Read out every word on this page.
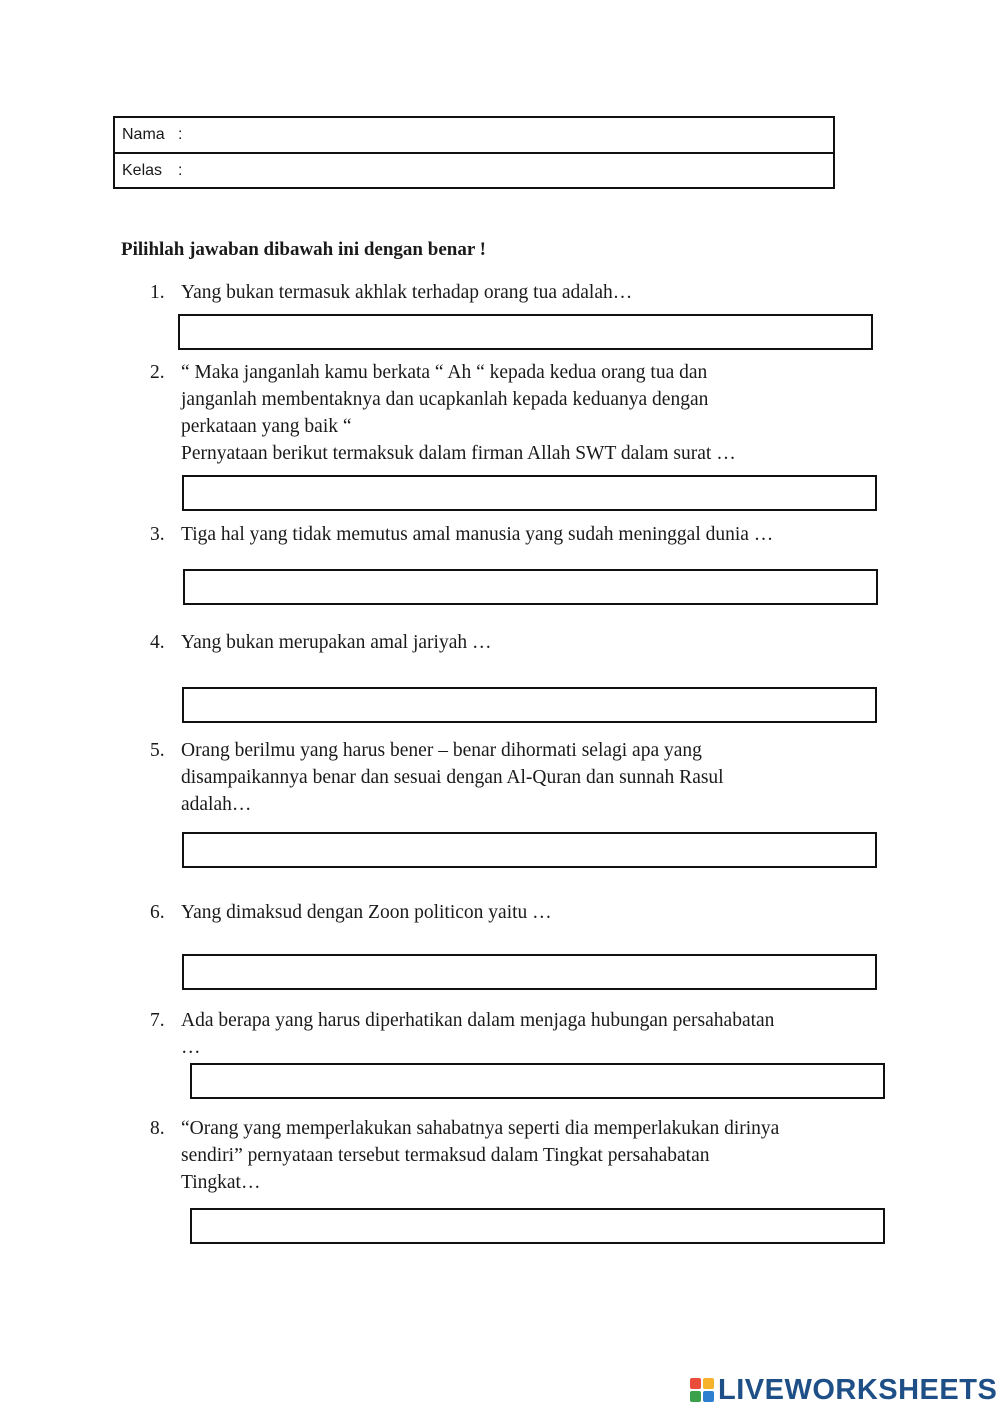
Nama :
Kelas :
Pilihlah jawaban dibawah ini dengan benar !
1. Yang bukan termasuk akhlak terhadap orang tua adalah…
2. “ Maka janganlah kamu berkata “ Ah “ kepada kedua orang tua dan
janganlah membentaknya dan ucapkanlah kepada keduanya dengan
perkataan yang baik “
Pernyataan berikut termaksuk dalam firman Allah SWT dalam surat …
3. Tiga hal yang tidak memutus amal manusia yang sudah meninggal dunia …
4. Yang bukan merupakan amal jariyah …
5. Orang berilmu yang harus bener – benar dihormati selagi apa yang
disampaikannya benar dan sesuai dengan Al-Quran dan sunnah Rasul
adalah…
6. Yang dimaksud dengan Zoon politicon yaitu …
7. Ada berapa yang harus diperhatikan dalam menjaga hubungan persahabatan
…
8. “Orang yang memperlakukan sahabatnya seperti dia memperlakukan dirinya
sendiri” pernyataan tersebut termaksud dalam Tingkat persahabatan
Tingkat…
LIVEWORKSHEETS
